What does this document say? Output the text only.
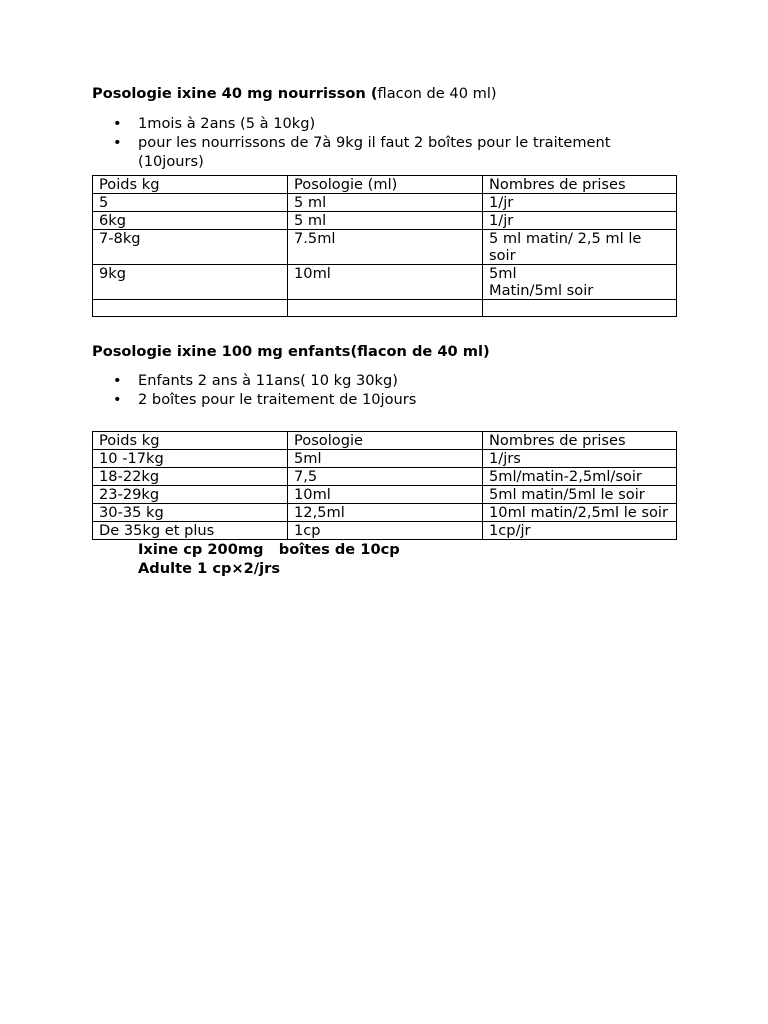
Posologie ixine 40 mg nourrisson (flacon de 40 ml)

• 1mois à 2ans (5 à 10kg)
• pour les nourrissons de 7à 9kg il faut 2 boîtes pour le traitement (10jours)
Poids kg	Posologie (ml)	Nombres de prises
5	5 ml	1/jr
6kg	5 ml	1/jr
7-8kg	7.5ml	5 ml matin/ 2,5 ml le soir
9kg	10ml	5ml
Matin/5ml soir

Posologie ixine 100 mg enfants(flacon de 40 ml)

• Enfants 2 ans à 11ans( 10 kg 30kg)
• 2 boîtes pour le traitement de 10jours
Poids kg	Posologie	Nombres de prises
10 -17kg	5ml	1/jrs
18-22kg	7,5	5ml/matin-2,5ml/soir
23-29kg	10ml	5ml matin/5ml le soir
30-35 kg	12,5ml	10ml matin/2,5ml le soir
De 35kg et plus	1cp	1cp/jr
Ixine cp 200mg   boîtes de 10cp
Adulte 1 cp×2/jrs
